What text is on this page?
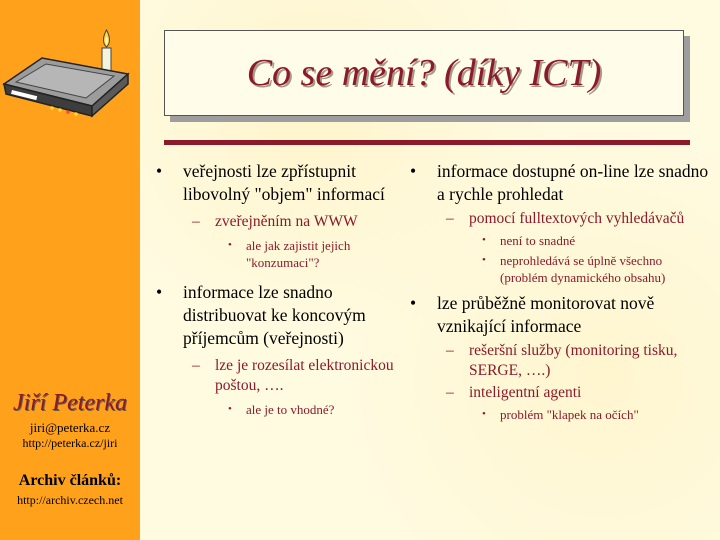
Jiří Peterka
jiri@peterka.cz
http://peterka.cz/jiri
Archiv článků:
http://archiv.czech.net
Co se mění? (díky ICT)
• veřejnosti lze zpřístupnit libovolný "objem" informací
– zveřejněním na WWW
• ale jak zajistit jejich "konzumaci"?
• informace lze snadno distribuovat ke koncovým příjemcům (veřejnosti)
– lze je rozesílat elektronickou poštou, ….
• ale je to vhodné?
• informace dostupné on-line lze snadno a rychle prohledat
– pomocí fulltextových vyhledávačů
• není to snadné
• neprohledává se úplně všechno (problém dynamického obsahu)
• lze průběžně monitorovat nově vznikající informace
– rešeršní služby (monitoring tisku, SERGE, ….)
– inteligentní agenti
• problém "klapek na očích"
